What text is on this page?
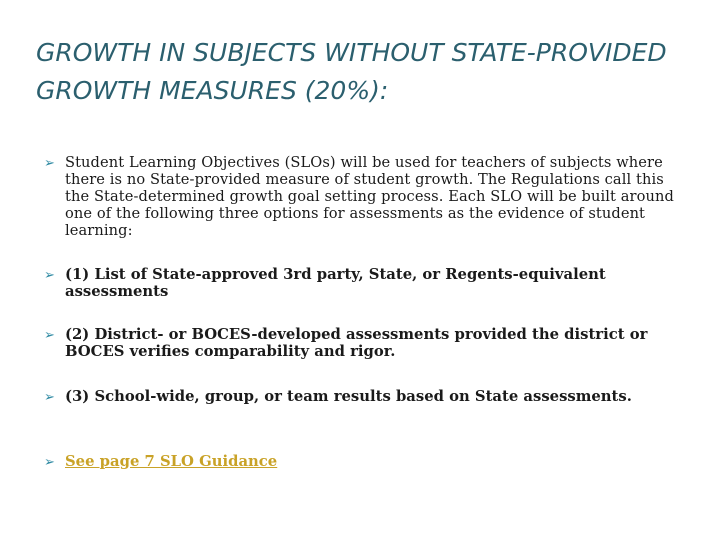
GROWTH IN SUBJECTS WITHOUT STATE-PROVIDED GROWTH MEASURES (20%):
➢ Student Learning Objectives (SLOs) will be used for teachers of subjects where there is no State-provided measure of student growth. The Regulations call this the State-determined growth goal setting process. Each SLO will be built around one of the following three options for assessments as the evidence of student learning:
➢ (1) List of State-approved 3rd party, State, or Regents-equivalent assessments
➢ (2) District- or BOCES-developed assessments provided the district or BOCES verifies comparability and rigor.
➢ (3) School-wide, group, or team results based on State assessments.
➢ See page 7 SLO Guidance
